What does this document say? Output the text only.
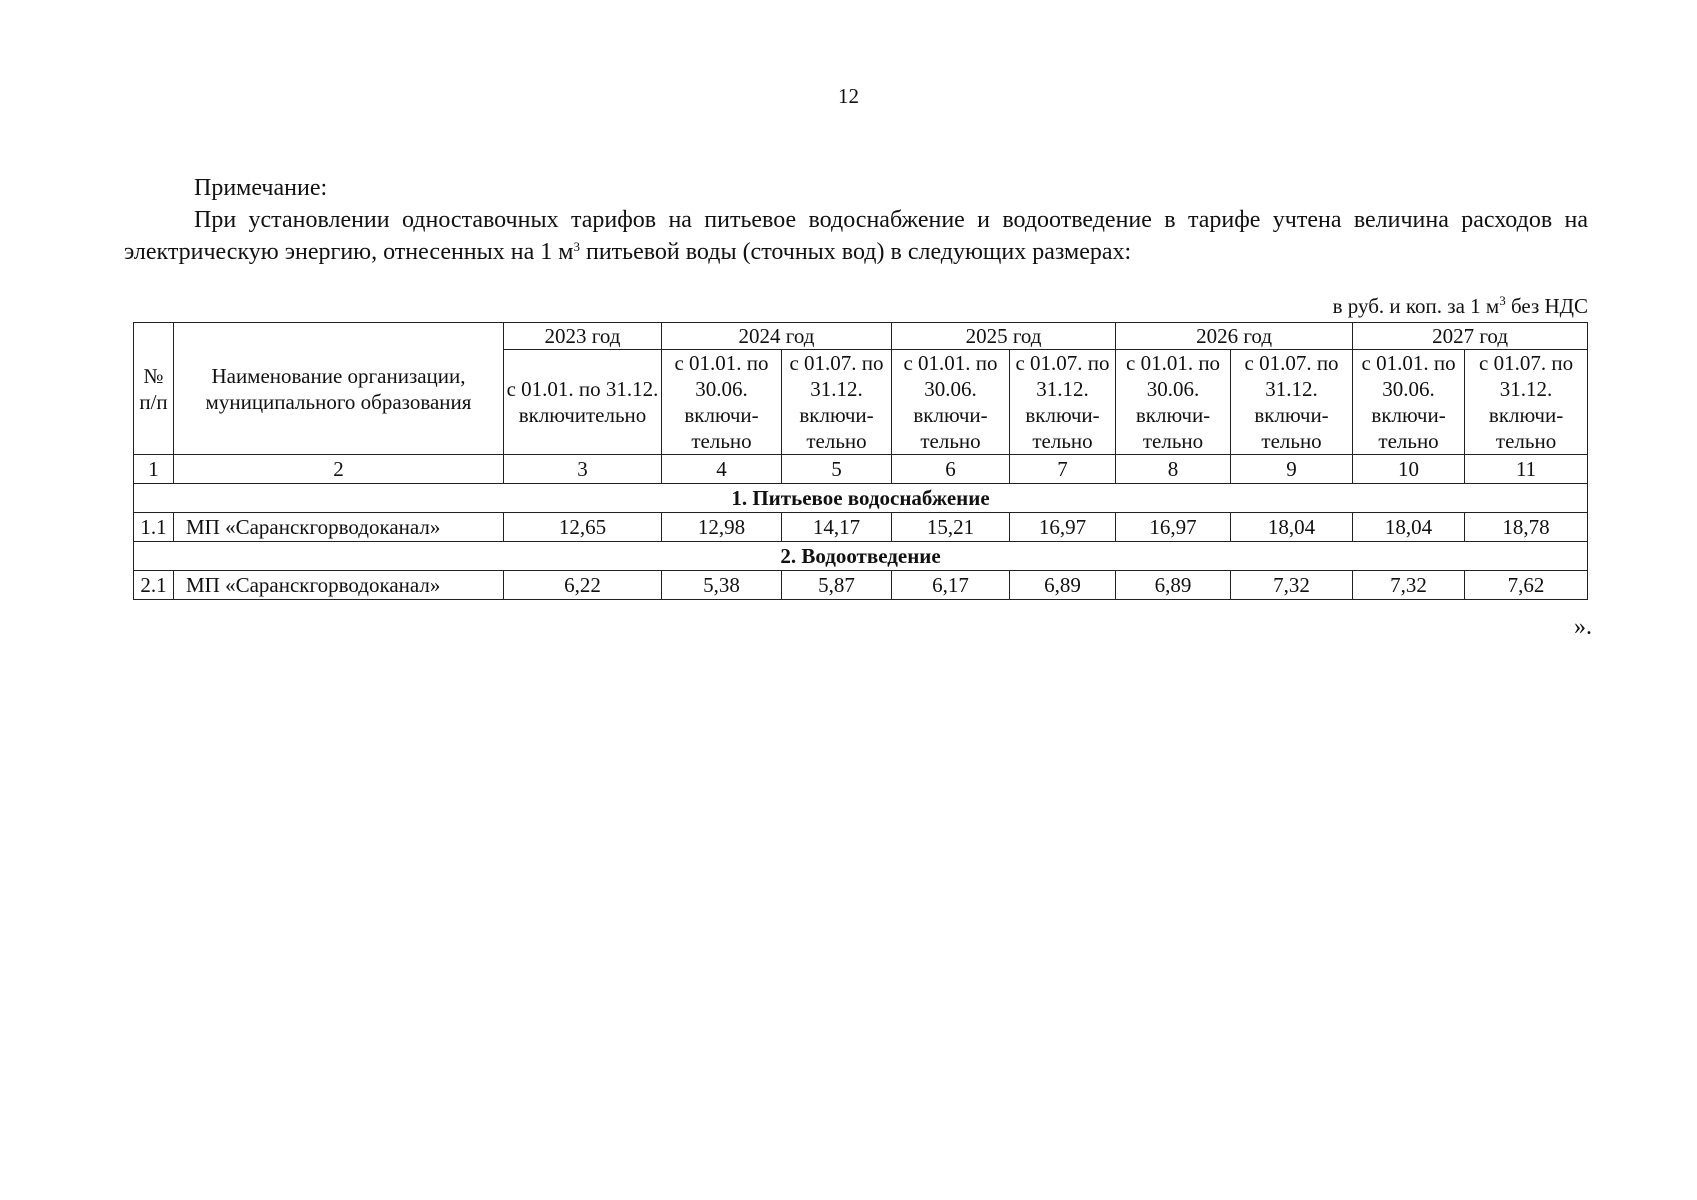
12
Примечание:
При установлении одноставочных тарифов на питьевое водоснабжение и водоотведение в тарифе учтена величина расходов на электрическую энергию, отнесенных на 1 $м^3$ питьевой воды (сточных вод) в следующих размерах:
в руб. и коп. за 1 $м^3$ без НДС
№ п/п	Наименование организации, муниципального образования	2023 год	2024 год		2025 год		2026 год		2027 год	
		с 01.01. по 31.12. включительно	с 01.01. по 30.06. включи-тельно	с 01.07. по 31.12. включи-тельно	с 01.01. по 30.06. включи-тельно	с 01.07. по 31.12. включи-тельно	с 01.01. по 30.06. включи-тельно	с 01.07. по 31.12. включи-тельно	с 01.01. по 30.06. включи-тельно	с 01.07. по 31.12. включи-тельно
1	2	3	4	5	6	7	8	9	10	11
1. Питьевое водоснабжение										
1.1	МП «Саранскгорводоканал»	12,65	12,98	14,17	15,21	16,97	16,97	18,04	18,04	18,78
2. Водоотведение										
2.1	МП «Саранскгорводоканал»	6,22	5,38	5,87	6,17	6,89	6,89	7,32	7,32	7,62
».
